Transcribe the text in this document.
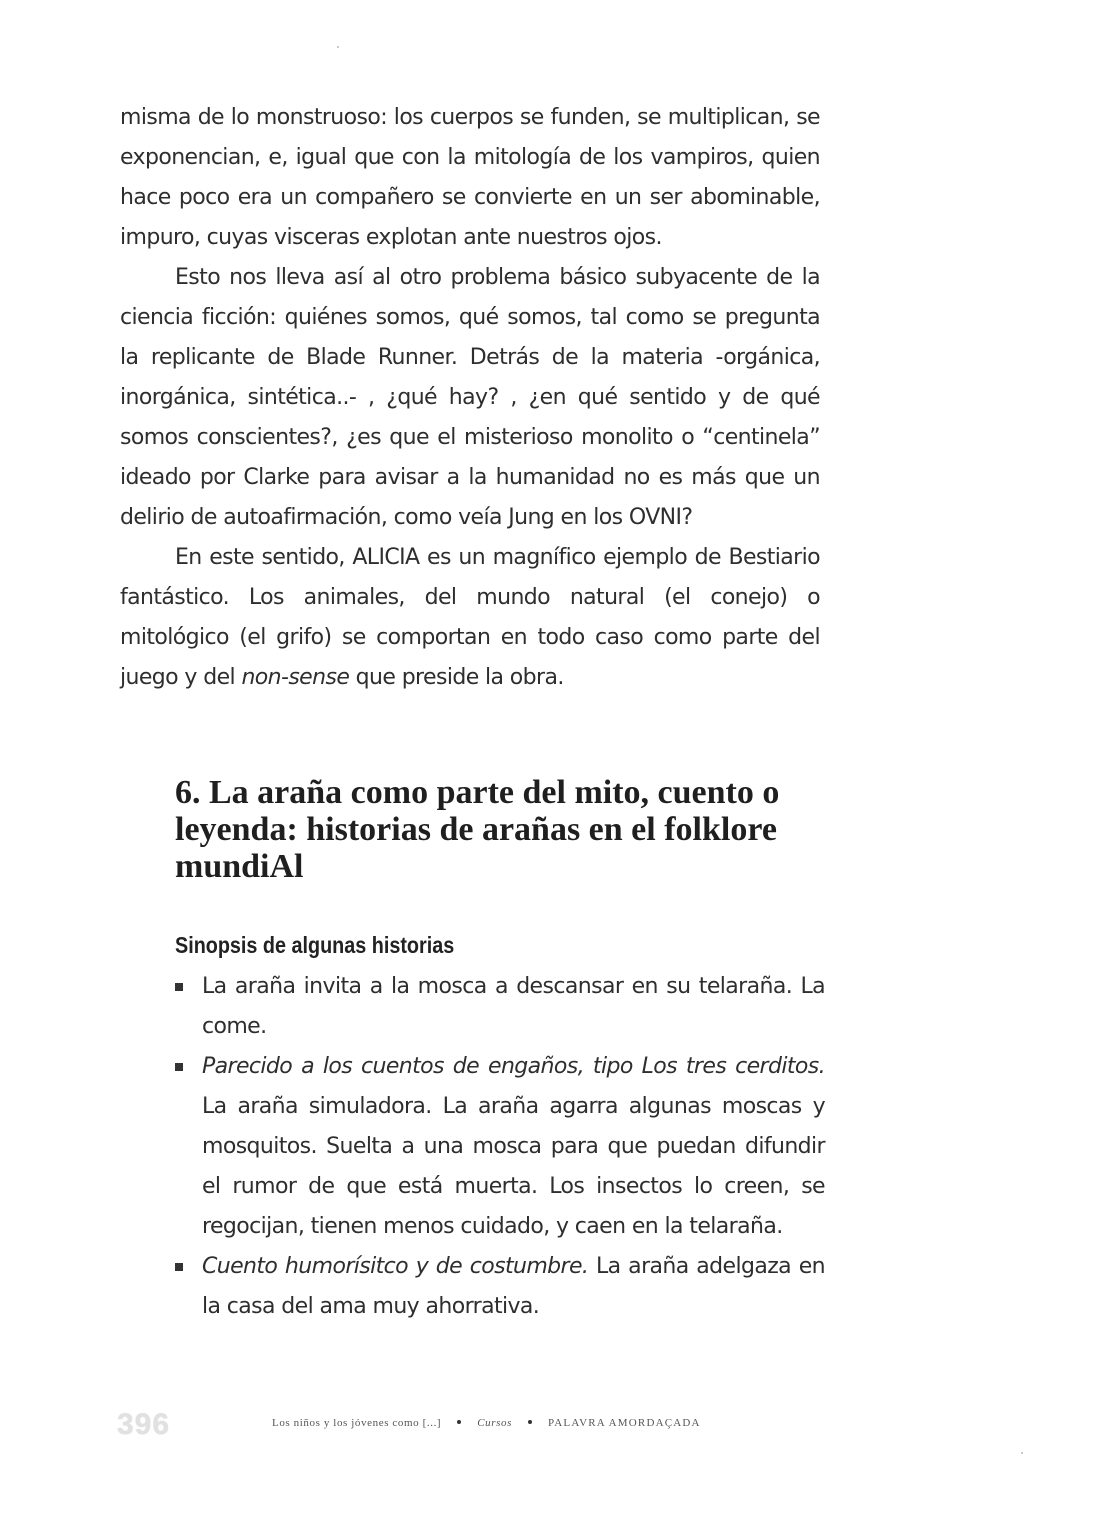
misma de lo monstruoso: los cuerpos se funden, se multiplican, se exponencian, e, igual que con la mitología de los vampiros, quien hace poco era un compañero se convierte en un ser abominable, impuro, cuyas visceras explotan ante nuestros ojos.

Esto nos lleva así al otro problema básico subyacente de la ciencia ficción: quiénes somos, qué somos, tal como se pregunta la replicante de Blade Runner. Detrás de la materia -orgánica, inorgánica, sintética..- , ¿qué hay? , ¿en qué sentido y de qué somos conscientes?, ¿es que el misterioso monolito o “centinela” ideado por Clarke para avisar a la humanidad no es más que un delirio de autoafirmación, como veía Jung en los OVNI?

En este sentido, ALICIA es un magnífico ejemplo de Bestiario fantástico. Los animales, del mundo natural (el conejo) o mitológico (el grifo) se comportan en todo caso como parte del juego y del non-sense que preside la obra.

6. La araña como parte del mito, cuento o leyenda: historias de arañas en el folklore mundiAl
Sinopsis de algunas historias
La araña invita a la mosca a descansar en su telaraña. La come.
Parecido a los cuentos de engaños, tipo Los tres cerditos. La araña simuladora. La araña agarra algunas moscas y mosquitos. Suelta a una mosca para que puedan difundir el rumor de que está muerta. Los insectos lo creen, se regocijan, tienen menos cuidado, y caen en la telaraña.
Cuento humorísitco y de costumbre. La araña adelgaza en la casa del ama muy ahorrativa.
396	Los niños y los jóvenes como [...]	Cursos	PALAVRA AMORDAÇADA
